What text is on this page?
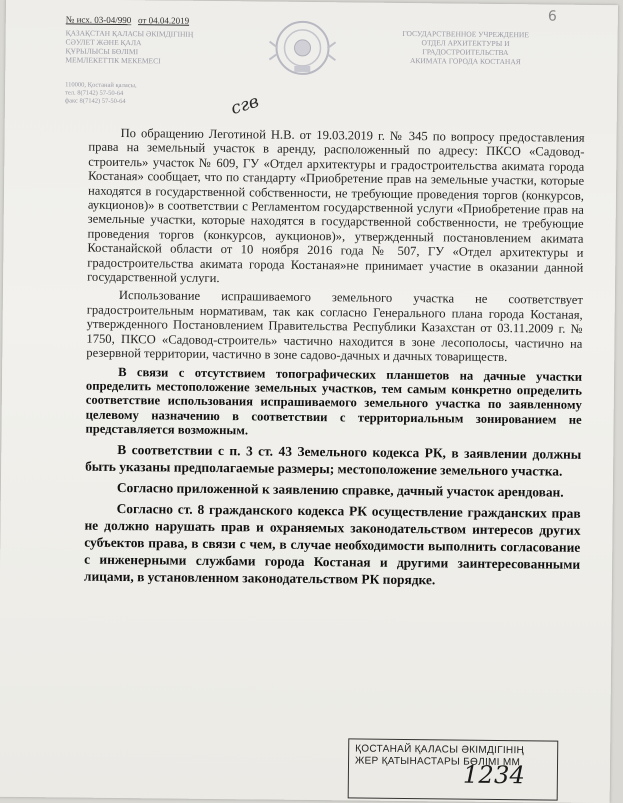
6
№ исх. 03-04/990 от 04.04.2019
ҚАЗАҚСТАН ҚАЛАСЫ ӘКІМДІГІНІҢ
СӘУЛЕТ ЖӘНЕ ҚАЛА
ҚҰРЫЛЫСЫ БӨЛІМІ
МЕМЛЕКЕТТІК МЕКЕМЕСІ
ГОСУДАРСТВЕННОЕ УЧРЕЖДЕНИЕ
ОТДЕЛ АРХИТЕКТУРЫ И
ГРАДОСТРОИТЕЛЬСТВА
АКИМАТА ГОРОДА КОСТАНАЯ
110000, Қостанай қаласы,
тел. 8(7142) 57-50-64
факс 8(7142) 57-50-64	сгв

По обращению Леготиной Н.В. от 19.03.2019 г. № 345 по вопросу предоставления права на земельный участок в аренду, расположенный по адресу: ПКСО «Садовод-строитель» участок № 609, ГУ «Отдел архитектуры и градостроительства акимата города Костаная» сообщает, что по стандарту «Приобретение прав на земельные участки, которые находятся в государственной собственности, не требующие проведения торгов (конкурсов, аукционов)» в соответствии с Регламентом государственной услуги «Приобретение прав на земельные участки, которые находятся в государственной собственности, не требующие проведения торгов (конкурсов, аукционов)», утвержденный постановлением акимата Костанайской области от 10 ноября 2016 года № 507, ГУ «Отдел архитектуры и градостроительства акимата города Костаная»не принимает участие в оказании данной государственной услуги.

Использование испрашиваемого земельного участка не соответствует градостроительным нормативам, так как согласно Генерального плана города Костаная, утвержденного Постановлением Правительства Республики Казахстан от 03.11.2009 г. № 1750, ПКСО «Садовод-строитель» частично находится в зоне лесополосы, частично на резервной территории, частично в зоне садово-дачных и дачных товариществ.

В связи с отсутствием топографических планшетов на дачные участки определить местоположение земельных участков, тем самым конкретно определить соответствие использования испрашиваемого земельного участка по заявленному целевому назначению в соответствии с территориальным зонированием не представляется возможным.

В соответствии с п. 3 ст. 43 Земельного кодекса РК, в заявлении должны быть указаны предполагаемые размеры; местоположение земельного участка.

Согласно приложенной к заявлению справке, дачный участок арендован.

Согласно ст. 8 гражданского кодекса РК осуществление гражданских прав не должно нарушать прав и охраняемых законодательством интересов других субъектов права, в связи с чем, в случае необходимости выполнить согласование с инженерными службами города Костаная и другими заинтересованными лицами, в установленном законодательством РК порядке.

ҚОСТАНАЙ ҚАЛАСЫ ӘКІМДІГІНІҢ
ЖЕР ҚАТЫНАСТАРЫ БӨЛІМІ ММ
1234
